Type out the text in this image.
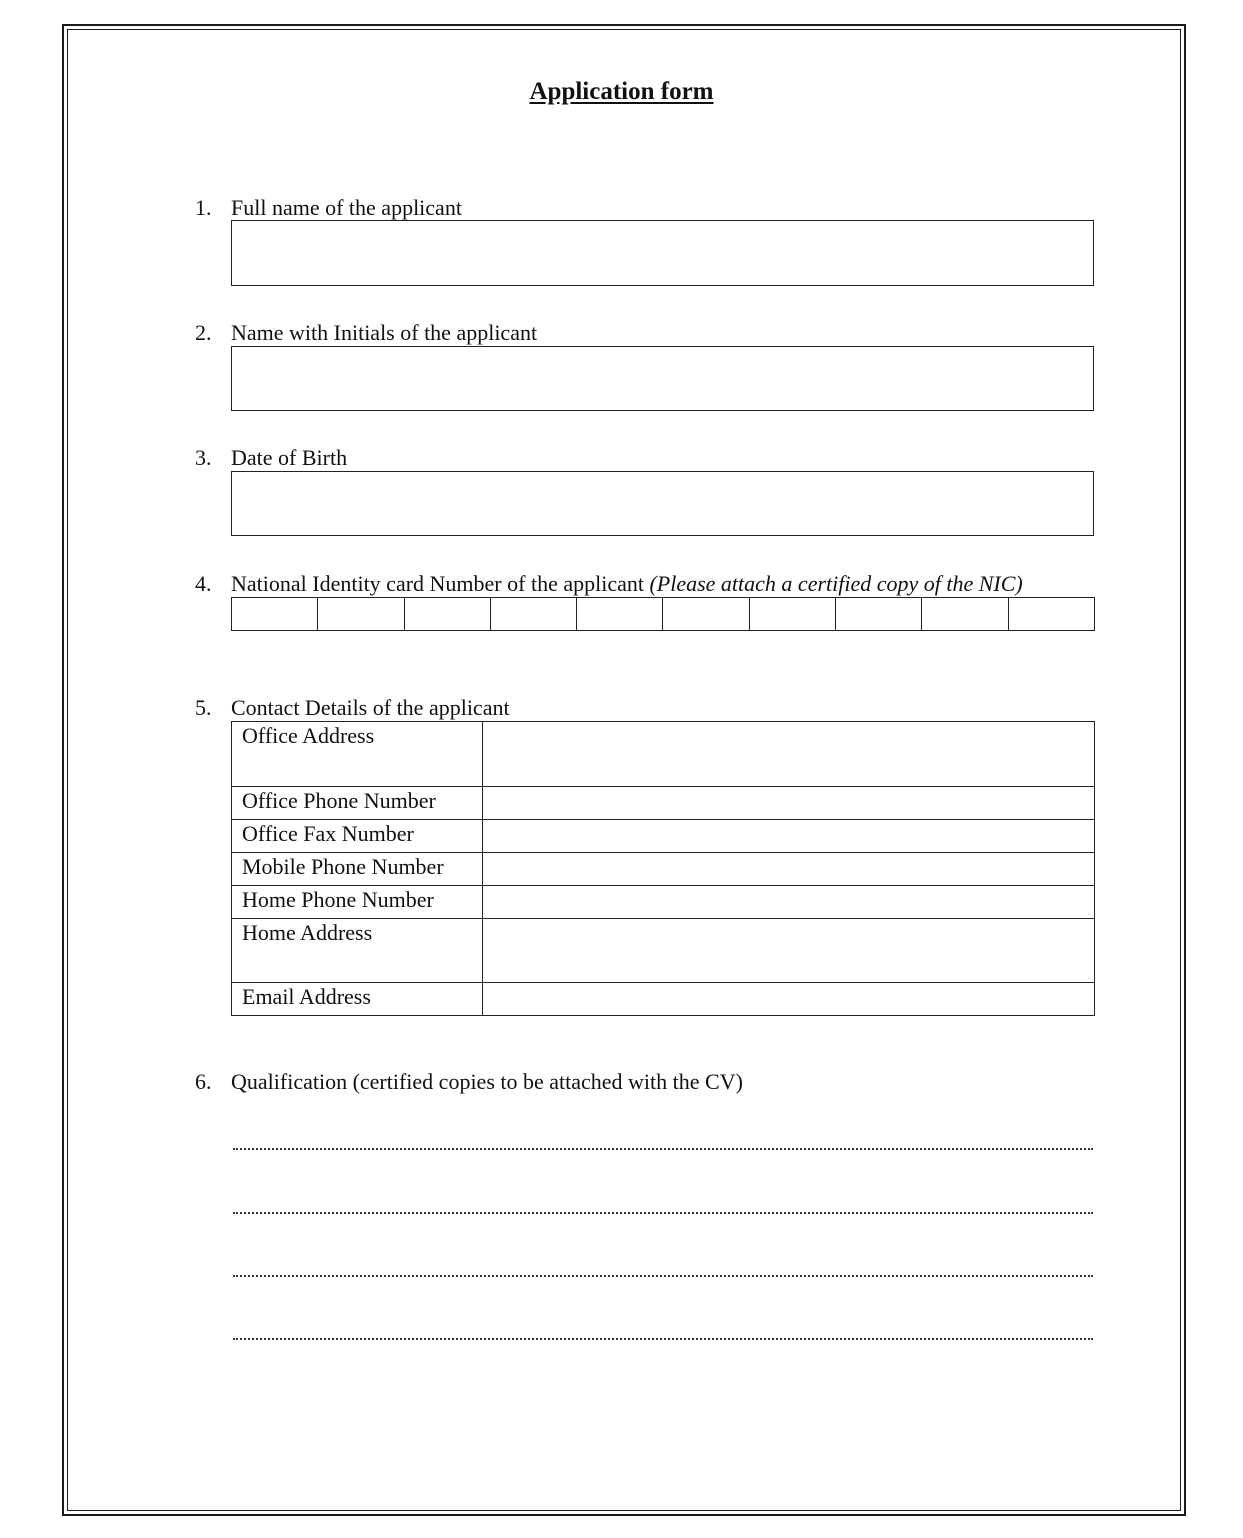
Application form
1. Full name of the applicant
2. Name with Initials of the applicant
3. Date of Birth
4. National Identity card Number of the applicant (Please attach a certified copy of the NIC)
5. Contact Details of the applicant
Office Address	
Office Phone Number	
Office Fax Number	
Mobile Phone Number	
Home Phone Number	
Home Address	
Email Address	
6. Qualification (certified copies to be attached with the CV)
